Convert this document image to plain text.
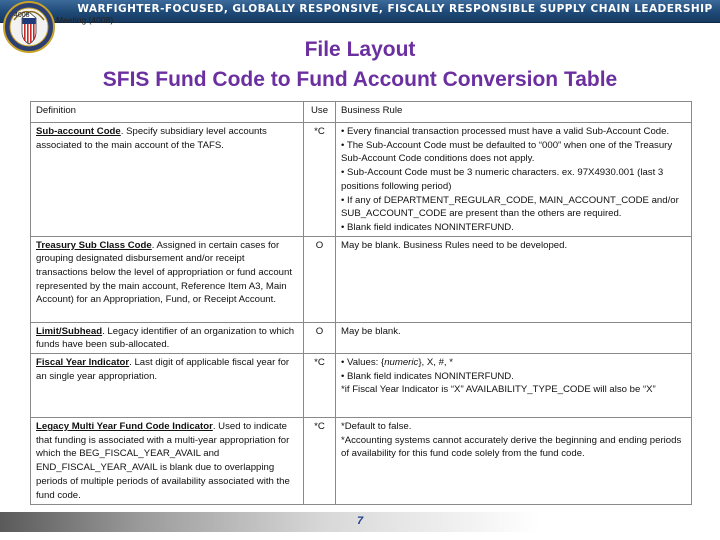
WARFIGHTER-FOCUSED, GLOBALLY RESPONSIVE, FISCALLY RESPONSIBLE SUPPLY CHAIN LEADERSHIP
4008	Meeting (4008)
File Layout
SFIS Fund Code to Fund Account Conversion Table
Definition	Use	Business Rule
Sub-account Code. Specify subsidiary level accounts associated to the main account of the TAFS.	*C	• Every financial transaction processed must have a valid Sub-Account Code.
• The Sub-Account Code must be defaulted to “000” when one of the Treasury Sub-Account Code conditions does not apply.
• Sub-Account Code must be 3 numeric characters. ex. 97X4930.001 (last 3 positions following period)
• If any of DEPARTMENT_REGULAR_CODE, MAIN_ACCOUNT_CODE and/or SUB_ACCOUNT_CODE are present than the others are required.
• Blank field indicates NONINTERFUND.

Treasury Sub Class Code. Assigned in certain cases for grouping designated disbursement and/or receipt transactions below the level of appropriation or fund account represented by the main account, Reference Item A3, Main Account) for an Appropriation, Fund, or Receipt Account.	O	May be blank. Business Rules need to be developed.

Limit/Subhead. Legacy identifier of an organization to which funds have been sub-allocated.	O	May be blank.

Fiscal Year Indicator. Last digit of applicable fiscal year for an single year appropriation.	*C	• Values: {numeric}, X, #, *
• Blank field indicates NONINTERFUND.
*if Fiscal Year Indicator is “X” AVAILABILITY_TYPE_CODE will also be “X”

Legacy Multi Year Fund Code Indicator. Used to indicate that funding is associated with a multi-year appropriation for which the BEG_FISCAL_YEAR_AVAIL and END_FISCAL_YEAR_AVAIL is blank due to overlapping periods of multiple periods of availability associated with the fund code.	*C	*Default to false.
*Accounting systems cannot accurately derive the beginning and ending periods of availability for this fund code solely from the fund code.
7
